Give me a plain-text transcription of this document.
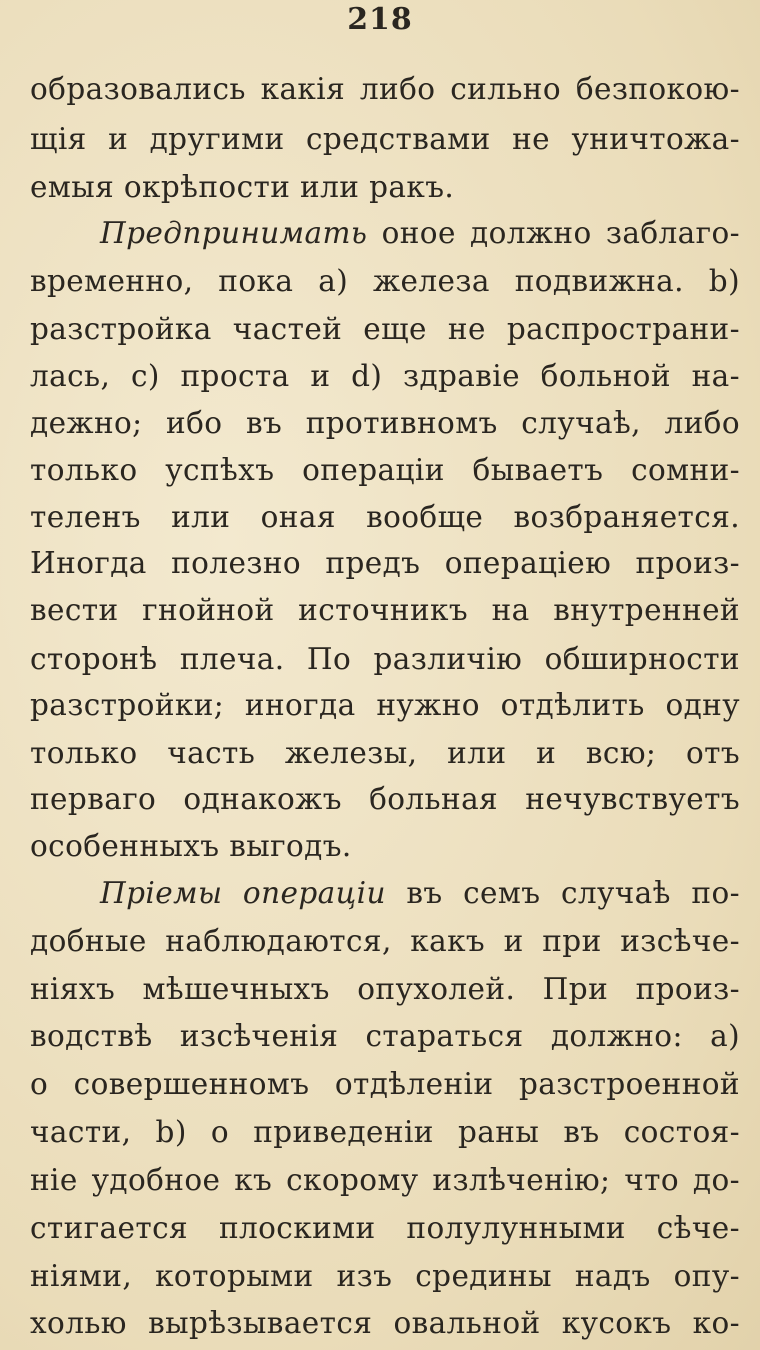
218
образовались какія либо сильно безпокою-
щія и другими средствами не уничтожа-
емыя окрѣпости или ракъ.
Предпринимать оное должно заблаго-
временно, пока а) железа подвижна. b)
разстройка частей еще не распространи-
лась, c) проста и d) здравіе больной на-
дежно; ибо въ противномъ случаѣ, либо
только успѣхъ операціи бываетъ сомни-
теленъ или оная вообще возбраняется.
Иногда полезно предъ операціею произ-
вести гнойной источникъ на внутренней
сторонѣ плеча. По различію обширности
разстройки; иногда нужно отдѣлить одну
только часть железы, или и всю; отъ
перваго однакожъ больная нечувствуетъ
особенныхъ выгодъ.
Пріемы операціи въ семъ случаѣ по-
добные наблюдаются, какъ и при изсѣче-
ніяхъ мѣшечныхъ опухолей. При произ-
водствѣ изсѣченія стараться должно: а)
о совершенномъ отдѣленіи разстроенной
части, b) о приведеніи раны въ состоя-
ніе удобное къ скорому излѣченію; что до-
стигается плоскими полулунными сѣче-
ніями, которыми изъ средины надъ опу-
холью вырѣзывается овальной кусокъ ко-
